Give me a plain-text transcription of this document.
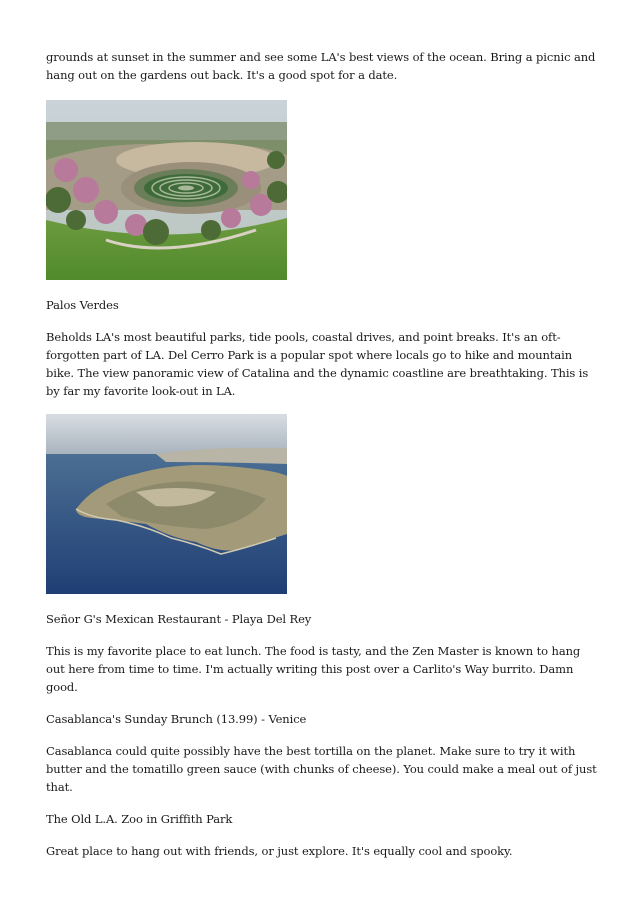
grounds at sunset in the summer and see some LA's best views of the ocean. Bring a picnic and hang out on the gardens out back. It's a good spot for a date.

Palos Verdes

Beholds LA's most beautiful parks, tide pools, coastal drives, and point breaks. It's an oft-forgotten part of LA. Del Cerro Park is a popular spot where locals go to hike and mountain bike. The view panoramic view of Catalina and the dynamic coastline are breathtaking. This is by far my favorite look-out in LA.

Señor G's Mexican Restaurant - Playa Del Rey

This is my favorite place to eat lunch. The food is tasty, and the Zen Master is known to hang out here from time to time. I'm actually writing this post over a Carlito's Way burrito. Damn good.

Casablanca's Sunday Brunch (13.99) - Venice

Casablanca could quite possibly have the best tortilla on the planet. Make sure to try it with butter and the tomatillo green sauce (with chunks of cheese). You could make a meal out of just that.

The Old L.A. Zoo in Griffith Park

Great place to hang out with friends, or just explore. It's equally cool and spooky.
